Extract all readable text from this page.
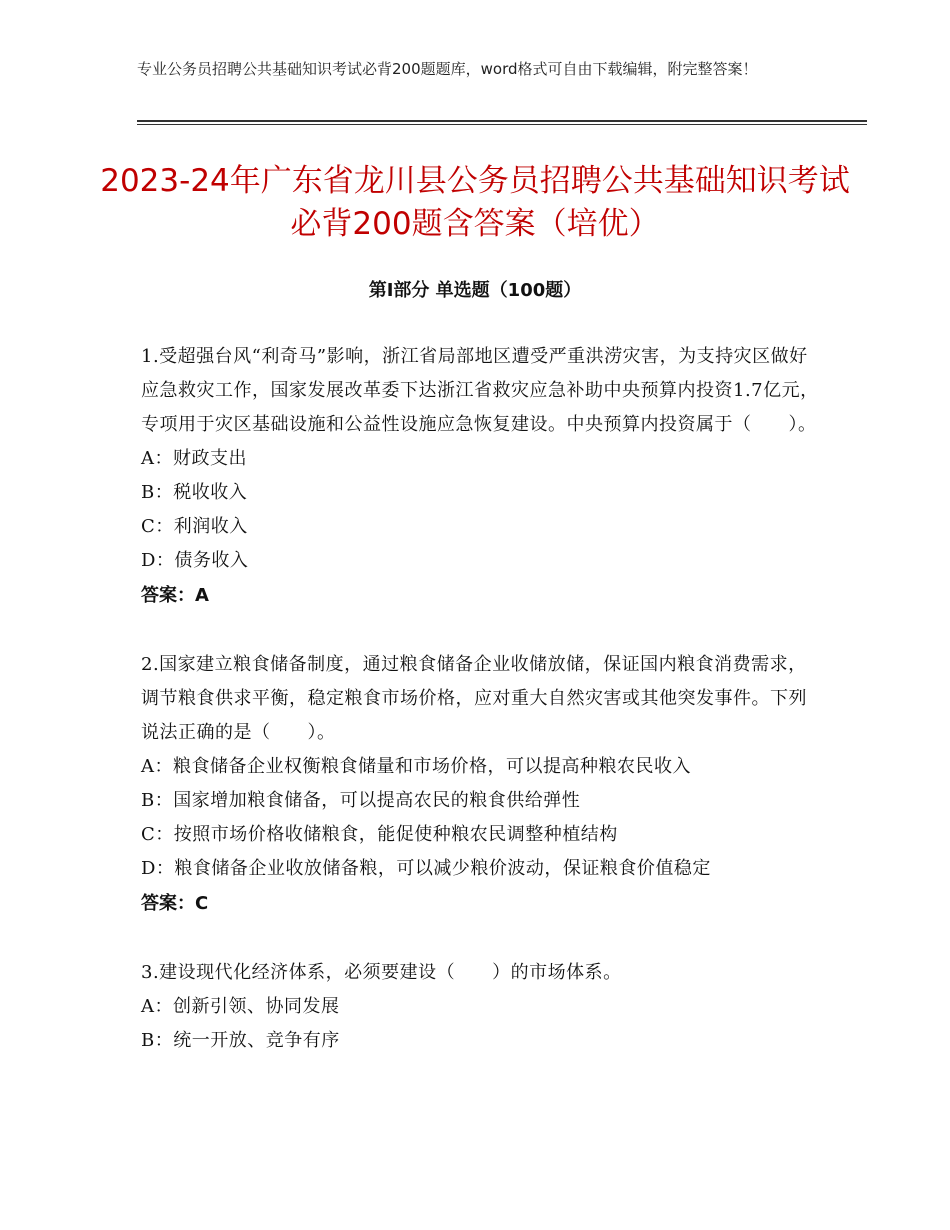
专业公务员招聘公共基础知识考试必背200题题库，word格式可自由下载编辑，附完整答案！
2023-24年广东省龙川县公务员招聘公共基础知识考试必背200题含答案（培优）
第Ⅰ部分 单选题（100题）
1.受超强台风“利奇马”影响，浙江省局部地区遭受严重洪涝灾害，为支持灾区做好应急救灾工作，国家发展改革委下达浙江省救灾应急补助中央预算内投资1.7亿元，专项用于灾区基础设施和公益性设施应急恢复建设。中央预算内投资属于（　　）。
A：财政支出
B：税收收入
C：利润收入
D：债务收入
答案：A
2.国家建立粮食储备制度，通过粮食储备企业收储放储，保证国内粮食消费需求，调节粮食供求平衡，稳定粮食市场价格，应对重大自然灾害或其他突发事件。下列说法正确的是（　　）。
A：粮食储备企业权衡粮食储量和市场价格，可以提高种粮农民收入
B：国家增加粮食储备，可以提高农民的粮食供给弹性
C：按照市场价格收储粮食，能促使种粮农民调整种植结构
D：粮食储备企业收放储备粮，可以减少粮价波动，保证粮食价值稳定
答案：C
3.建设现代化经济体系，必须要建设（　　）的市场体系。
A：创新引领、协同发展
B：统一开放、竞争有序
